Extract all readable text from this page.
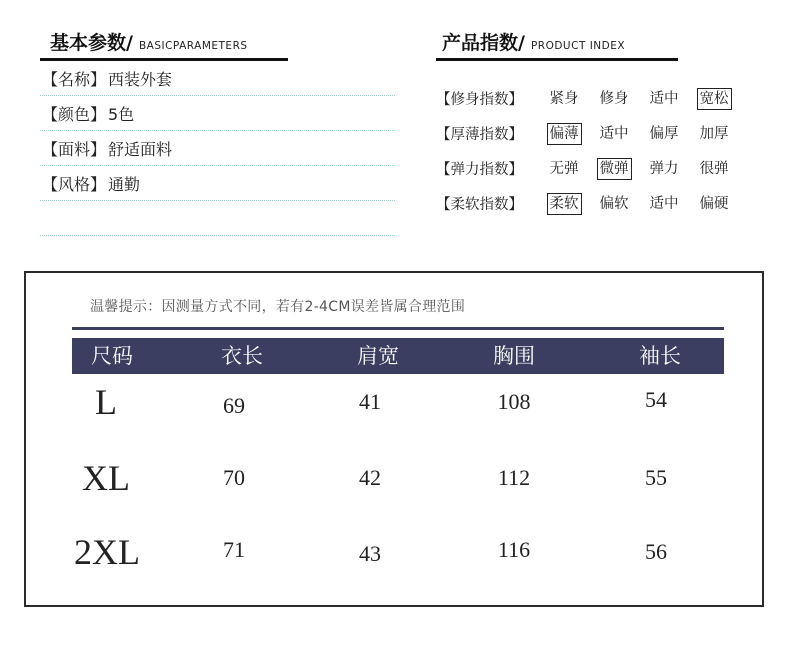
基本参数/ BASICPARAMETERS
【名称】 西装外套
【颜色】 5色
【面料】 舒适面料
【风格】 通勤
产品指数/ PRODUCT INDEX
【修身指数】	紧身	修身	适中	宽松
【厚薄指数】	偏薄	适中	偏厚	加厚
【弹力指数】	无弹	微弹	弹力	很弹
【柔软指数】	柔软	偏软	适中	偏硬
温馨提示：因测量方式不同，若有2-4CM误差皆属合理范围
尺码	衣长	肩宽	胸围	袖长
L	69	41	108	54
XL	70	42	112	55
2XL	71	43	116	56
